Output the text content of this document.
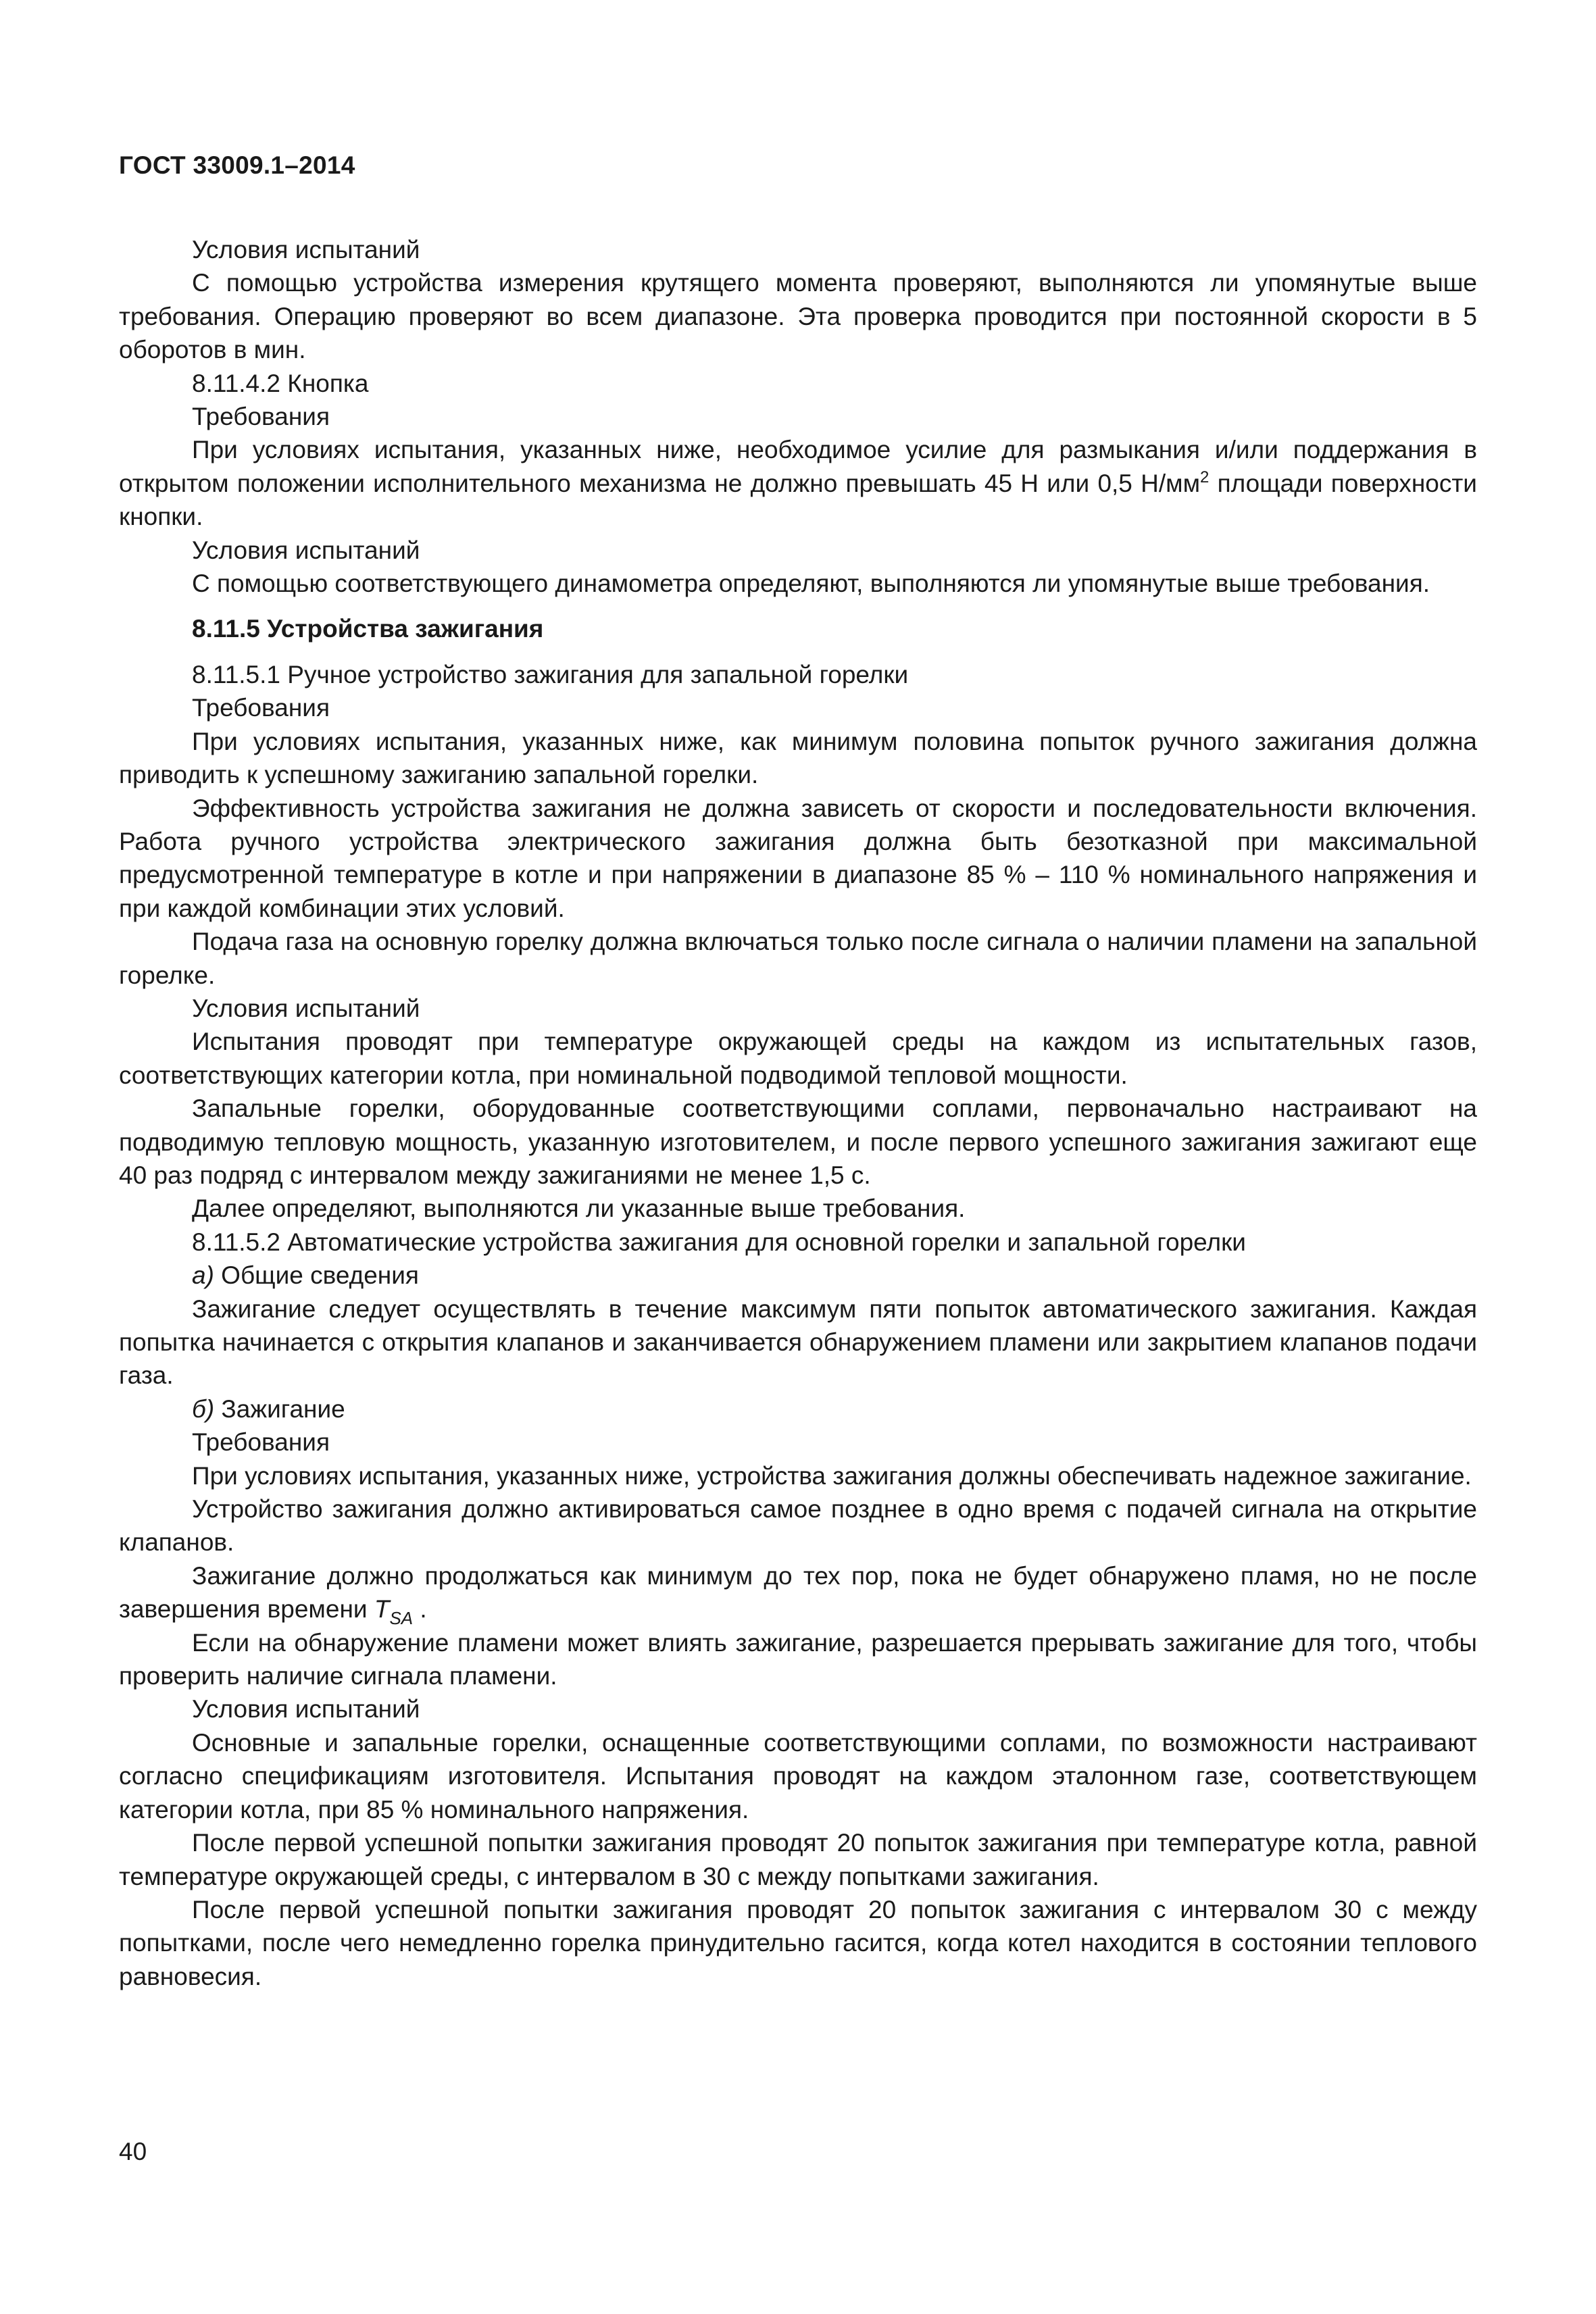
ГОСТ 33009.1–2014

Условия испытаний

С помощью устройства измерения крутящего момента проверяют, выполняются ли упомянутые выше требования. Операцию проверяют во всем диапазоне. Эта проверка проводится при постоянной скорости в 5 оборотов в мин.

8.11.4.2 Кнопка

Требования

При условиях испытания, указанных ниже, необходимое усилие для размыкания и/или поддержания в открытом положении исполнительного механизма не должно превышать 45 Н или 0,5 $Н/мм^2$ площади поверхности кнопки.

Условия испытаний

С помощью соответствующего динамометра определяют, выполняются ли упомянутые выше требования.

8.11.5 Устройства зажигания

8.11.5.1 Ручное устройство зажигания для запальной горелки

Требования

При условиях испытания, указанных ниже, как минимум половина попыток ручного зажигания должна приводить к успешному зажиганию запальной горелки.

Эффективность устройства зажигания не должна зависеть от скорости и последовательности включения. Работа ручного устройства электрического зажигания должна быть безотказной при максимальной предусмотренной температуре в котле и при напряжении в диапазоне 85 % – 110 % номинального напряжения и при каждой комбинации этих условий.

Подача газа на основную горелку должна включаться только после сигнала о наличии пламени на запальной горелке.

Условия испытаний

Испытания проводят при температуре окружающей среды на каждом из испытательных газов, соответствующих категории котла, при номинальной подводимой тепловой мощности.

Запальные горелки, оборудованные соответствующими соплами, первоначально настраивают на подводимую тепловую мощность, указанную изготовителем, и после первого успешного зажигания зажигают еще 40 раз подряд с интервалом между зажиганиями не менее 1,5 с.

Далее определяют, выполняются ли указанные выше требования.

8.11.5.2 Автоматические устройства зажигания для основной горелки и запальной горелки

а) Общие сведения

Зажигание следует осуществлять в течение максимум пяти попыток автоматического зажигания. Каждая попытка начинается с открытия клапанов и заканчивается обнаружением пламени или закрытием клапанов подачи газа.

б) Зажигание

Требования

При условиях испытания, указанных ниже, устройства зажигания должны обеспечивать надежное зажигание.

Устройство зажигания должно активироваться самое позднее в одно время с подачей сигнала на открытие клапанов.

Зажигание должно продолжаться как минимум до тех пор, пока не будет обнаружено пламя, но не после завершения времени $T_{SA}$ .

Если на обнаружение пламени может влиять зажигание, разрешается прерывать зажигание для того, чтобы проверить наличие сигнала пламени.

Условия испытаний

Основные и запальные горелки, оснащенные соответствующими соплами, по возможности настраивают согласно спецификациям изготовителя. Испытания проводят на каждом эталонном газе, соответствующем категории котла, при 85 % номинального напряжения.

После первой успешной попытки зажигания проводят 20 попыток зажигания при температуре котла, равной температуре окружающей среды, с интервалом в 30 с между попытками зажигания.

После первой успешной попытки зажигания проводят 20 попыток зажигания с интервалом 30 с между попытками, после чего немедленно горелка принудительно гасится, когда котел находится в состоянии теплового равновесия.

40
